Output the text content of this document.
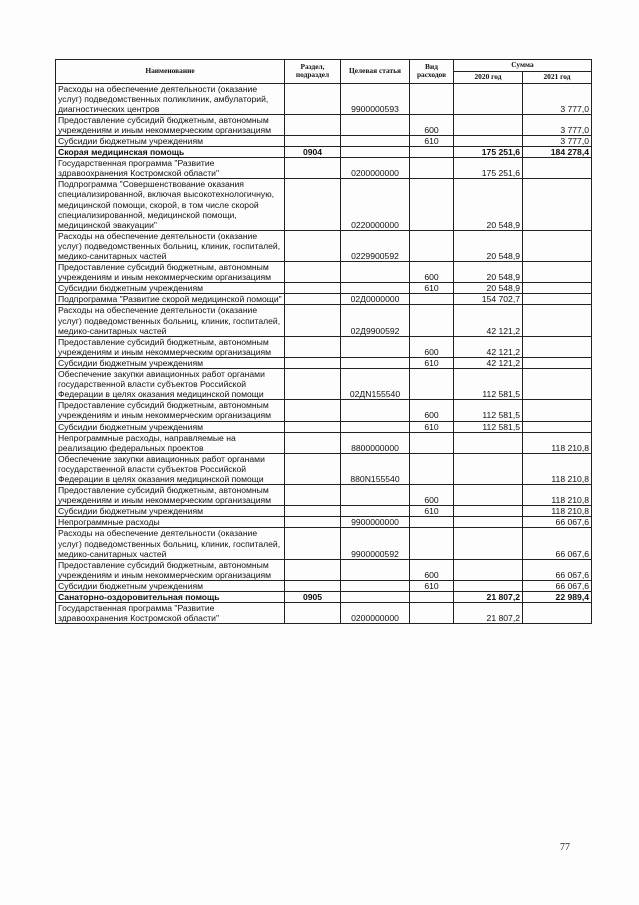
Наименование	Раздел, подраздел	Целевая статья	Вид расходов	Сумма	
				2020 год	2021 год
Расходы на обеспечение деятельности (оказание услуг) подведомственных поликлиник, амбулаторий, диагностических центров		9900000593			3 777,0
Предоставление субсидий бюджетным, автономным учреждениям и иным некоммерческим организациям			600		3 777,0
Субсидии бюджетным учреждениям			610		3 777,0
Скорая медицинская помощь	0904			175 251,6	184 278,4
Государственная программа "Развитие здравоохранения Костромской области"		0200000000		175 251,6	
Подпрограмма "Совершенствование оказания специализированной, включая высокотехнологичную, медицинской помощи, скорой, в том числе скорой специализированной, медицинской помощи, медицинской эвакуации"		0220000000		20 548,9	
Расходы на обеспечение деятельности (оказание услуг) подведомственных больниц, клиник, госпиталей, медико-санитарных частей		0229900592		20 548,9	
Предоставление субсидий бюджетным, автономным учреждениям и иным некоммерческим организациям			600	20 548,9	
Субсидии бюджетным учреждениям			610	20 548,9	
Подпрограмма "Развитие скорой медицинской помощи"		02Д0000000		154 702,7	
Расходы на обеспечение деятельности (оказание услуг) подведомственных больниц, клиник, госпиталей, медико-санитарных частей		02Д9900592		42 121,2	
Предоставление субсидий бюджетным, автономным учреждениям и иным некоммерческим организациям			600	42 121,2	
Субсидии бюджетным учреждениям			610	42 121,2	
Обеспечение закупки авиационных работ органами государственной власти субъектов Российской Федерации в целях оказания медицинской помощи		02ДN155540		112 581,5	
Предоставление субсидий бюджетным, автономным учреждениям и иным некоммерческим организациям			600	112 581,5	
Субсидии бюджетным учреждениям			610	112 581,5	
Непрограммные расходы, направляемые на реализацию федеральных проектов		8800000000			118 210,8
Обеспечение закупки авиационных работ органами государственной власти субъектов Российской Федерации в целях оказания медицинской помощи		880N155540			118 210,8
Предоставление субсидий бюджетным, автономным учреждениям и иным некоммерческим организациям			600		118 210,8
Субсидии бюджетным учреждениям			610		118 210,8
Непрограммные расходы		9900000000			66 067,6
Расходы на обеспечение деятельности (оказание услуг) подведомственных больниц, клиник, госпиталей, медико-санитарных частей		9900000592			66 067,6
Предоставление субсидий бюджетным, автономным учреждениям и иным некоммерческим организациям			600		66 067,6
Субсидии бюджетным учреждениям			610		66 067,6
Санаторно-оздоровительная помощь	0905			21 807,2	22 989,4
Государственная программа "Развитие здравоохранения Костромской области"		0200000000		21 807,2	
77
